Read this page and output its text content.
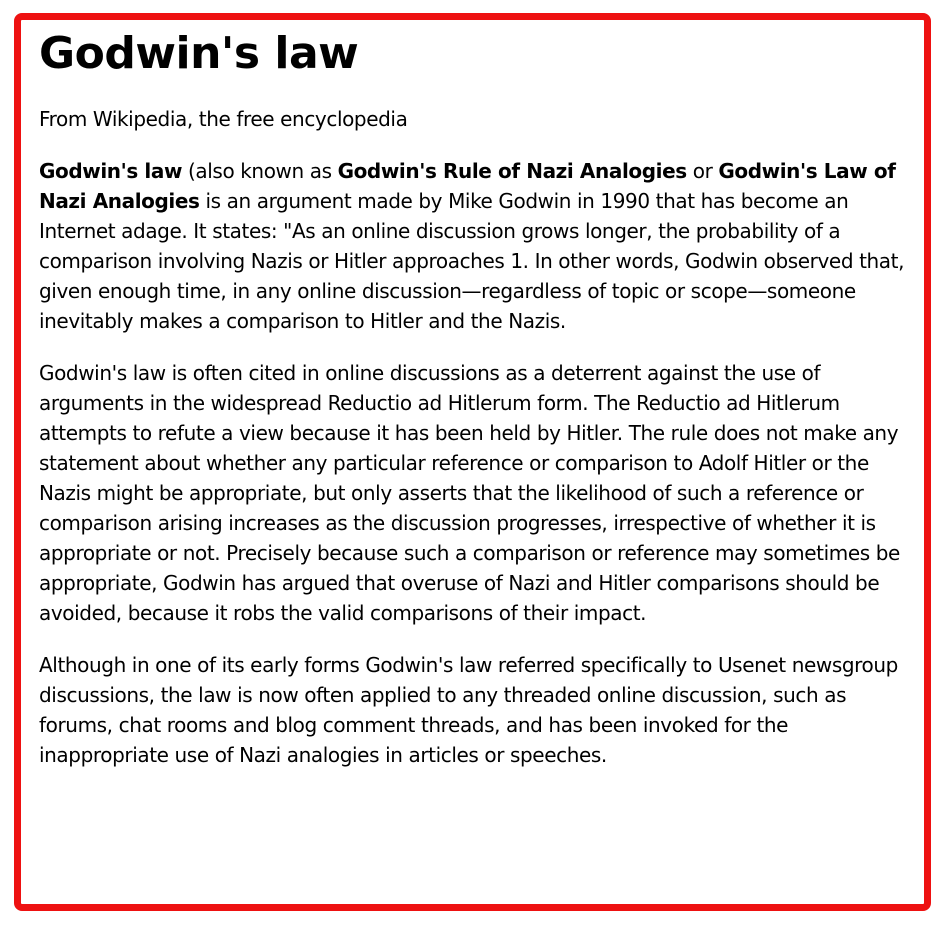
Godwin's law

From Wikipedia, the free encyclopedia

Godwin's law (also known as Godwin's Rule of Nazi Analogies or Godwin's Law of Nazi Analogies is an argument made by Mike Godwin in 1990 that has become an Internet adage. It states: "As an online discussion grows longer, the probability of a comparison involving Nazis or Hitler approaches 1. In other words, Godwin observed that, given enough time, in any online discussion—regardless of topic or scope—someone inevitably makes a comparison to Hitler and the Nazis.

Godwin's law is often cited in online discussions as a deterrent against the use of arguments in the widespread Reductio ad Hitlerum form. The Reductio ad Hitlerum attempts to refute a view because it has been held by Hitler. The rule does not make any statement about whether any particular reference or comparison to Adolf Hitler or the Nazis might be appropriate, but only asserts that the likelihood of such a reference or comparison arising increases as the discussion progresses, irrespective of whether it is appropriate or not. Precisely because such a comparison or reference may sometimes be appropriate, Godwin has argued that overuse of Nazi and Hitler comparisons should be avoided, because it robs the valid comparisons of their impact.

Although in one of its early forms Godwin's law referred specifically to Usenet newsgroup discussions, the law is now often applied to any threaded online discussion, such as forums, chat rooms and blog comment threads, and has been invoked for the inappropriate use of Nazi analogies in articles or speeches.
